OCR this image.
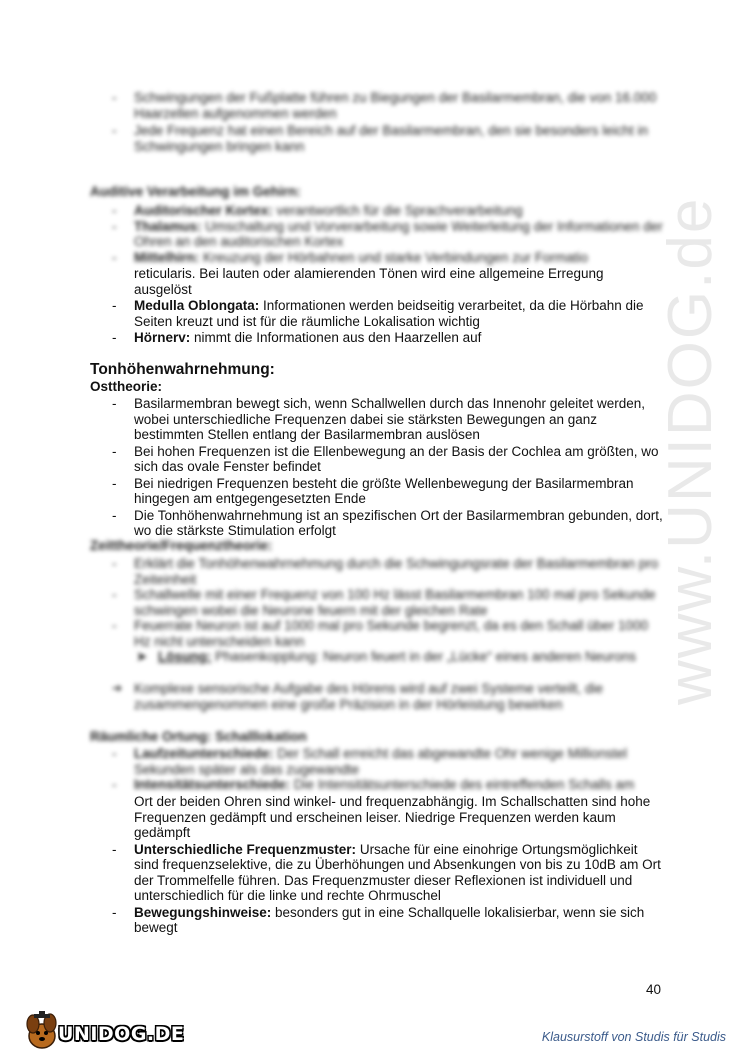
www.UNIDOG.de
- Schwingungen der Fußplatte führen zu Biegungen der Basilarmembran, die von 16.000 Haarzellen aufgenommen werden
- Jede Frequenz hat einen Bereich auf der Basilarmembran, den sie besonders leicht in Schwingungen bringen kann
Auditive Verarbeitung im Gehirn:
- Auditorischer Kortex: verantwortlich für die Sprachverarbeitung
- Thalamus: Umschaltung und Vorverarbeitung sowie Weiterleitung der Informationen der Ohren an den auditorischen Kortex
- Mittelhirn: Kreuzung der Hörbahnen und starke Verbindungen zur Formatio
reticularis. Bei lauten oder alamierenden Tönen wird eine allgemeine Erregung ausgelöst
- Medulla Oblongata: Informationen werden beidseitig verarbeitet, da die Hörbahn die Seiten kreuzt und ist für die räumliche Lokalisation wichtig
- Hörnerv: nimmt die Informationen aus den Haarzellen auf
Tonhöhenwahrnehmung:
Osttheorie:
- Basilarmembran bewegt sich, wenn Schallwellen durch das Innenohr geleitet werden, wobei unterschiedliche Frequenzen dabei sie stärksten Bewegungen an ganz bestimmten Stellen entlang der Basilarmembran auslösen
- Bei hohen Frequenzen ist die Ellenbewegung an der Basis der Cochlea am größten, wo sich das ovale Fenster befindet
- Bei niedrigen Frequenzen besteht die größte Wellenbewegung der Basilarmembran hingegen am entgegengesetzten Ende
- Die Tonhöhenwahrnehmung ist an spezifischen Ort der Basilarmembran gebunden, dort, wo die stärkste Stimulation erfolgt
Zeittheorie/Frequenztheorie:
- Erklärt die Tonhöhenwahrnehmung durch die Schwingungsrate der Basilarmembran pro Zeiteinheit
- Schallwelle mit einer Frequenz von 100 Hz lässt Basilarmembran 100 mal pro Sekunde schwingen wobei die Neurone feuern mit der gleichen Rate
- Feuerrate Neuron ist auf 1000 mal pro Sekunde begrenzt, da es den Schall über 1000 Hz nicht unterscheiden kann
➤ Lösung: Phasenkopplung: Neuron feuert in der „Lücke“ eines anderen Neurons
➔ Komplexe sensorische Aufgabe des Hörens wird auf zwei Systeme verteilt, die zusammengenommen eine große Präzision in der Hörleistung bewirken
Räumliche Ortung: Schalllokation
- Laufzeitunterschiede: Der Schall erreicht das abgewandte Ohr wenige Millionstel Sekunden später als das zugewandte
- Intensitätsunterschiede: Die Intensitätsunterschiede des eintreffenden Schalls am
Ort der beiden Ohren sind winkel- und frequenzabhängig. Im Schallschatten sind hohe Frequenzen gedämpft und erscheinen leiser. Niedrige Frequenzen werden kaum gedämpft
- Unterschiedliche Frequenzmuster: Ursache für eine einohrige Ortungsmöglichkeit sind frequenzselektive, die zu Überhöhungen und Absenkungen von bis zu 10dB am Ort der Trommelfelle führen. Das Frequenzmuster dieser Reflexionen ist individuell und unterschiedlich für die linke und rechte Ohrmuschel
- Bewegungshinweise: besonders gut in eine Schallquelle lokalisierbar, wenn sie sich bewegt
40
UNIDOG.DE	Klausurstoff von Studis für Studis
